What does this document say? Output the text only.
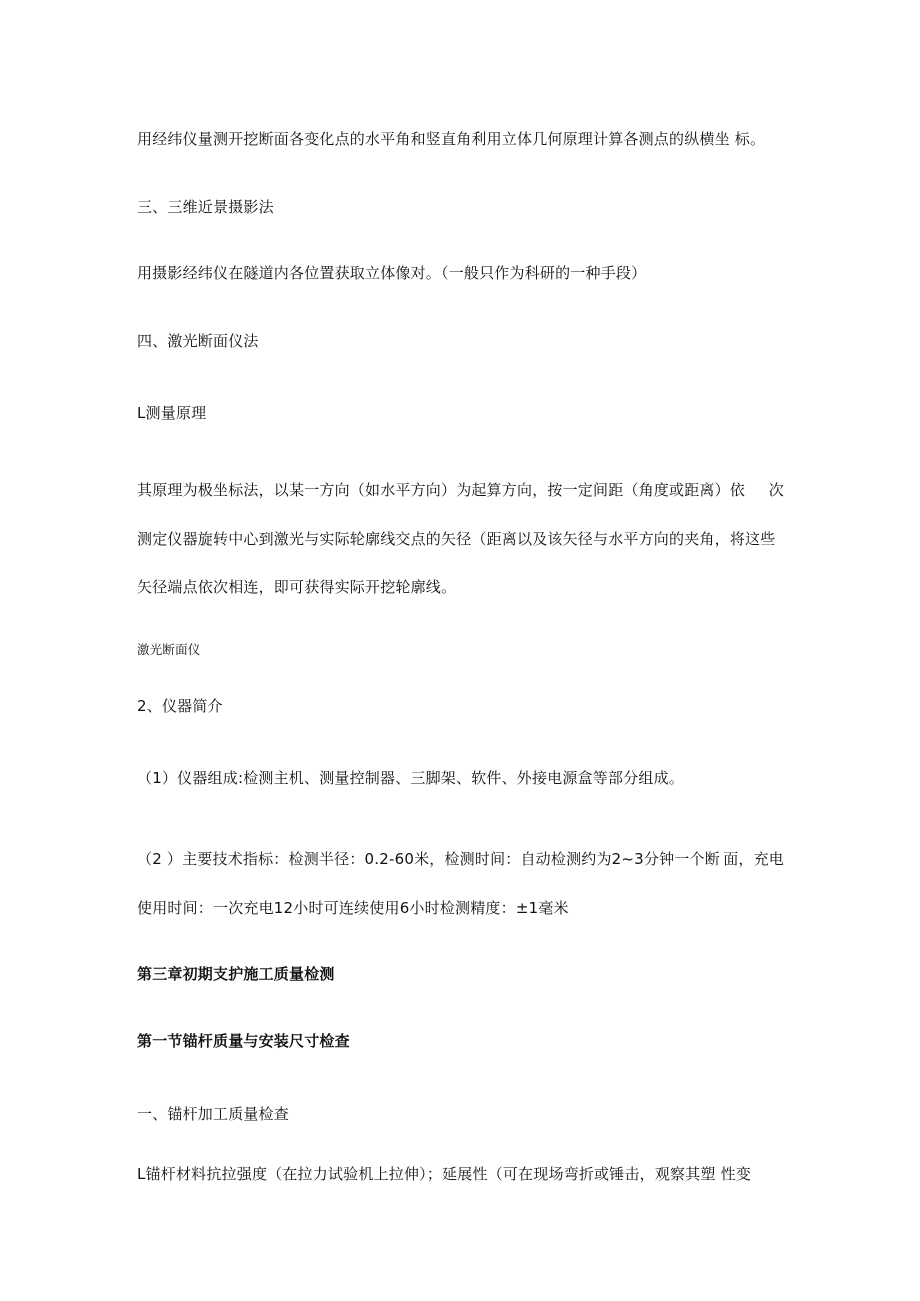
用经纬仪量测开挖断面各变化点的水平角和竖直角利用立体几何原理计算各测点的纵横坐 标。
三、三维近景摄影法
用摄影经纬仪在隧道内各位置获取立体像对。（一般只作为科研的一种手段）
四、激光断面仪法
L测量原理
其原理为极坐标法，以某一方向（如水平方向）为起算方向，按一定间距（角度或距离）依 次
测定仪器旋转中心到激光与实际轮廓线交点的矢径（距离以及该矢径与水平方向的夹角，将这些
矢径端点依次相连，即可获得实际开挖轮廓线。
激光断面仪
2、仪器简介
（1）仪器组成:检测主机、测量控制器、三脚架、软件、外接电源盒等部分组成。
（2 ）主要技术指标：检测半径：0.2-60米，检测时间：自动检测约为2~3分钟一个断 面，充电
使用时间：一次充电12小时可连续使用6小时检测精度：±1毫米
第三章初期支护施工质量检测
第一节锚杆质量与安装尺寸检查
一、锚杆加工质量检查
L锚杆材料抗拉强度（在拉力试验机上拉伸）；延展性（可在现场弯折或锤击，观察其塑 性变
